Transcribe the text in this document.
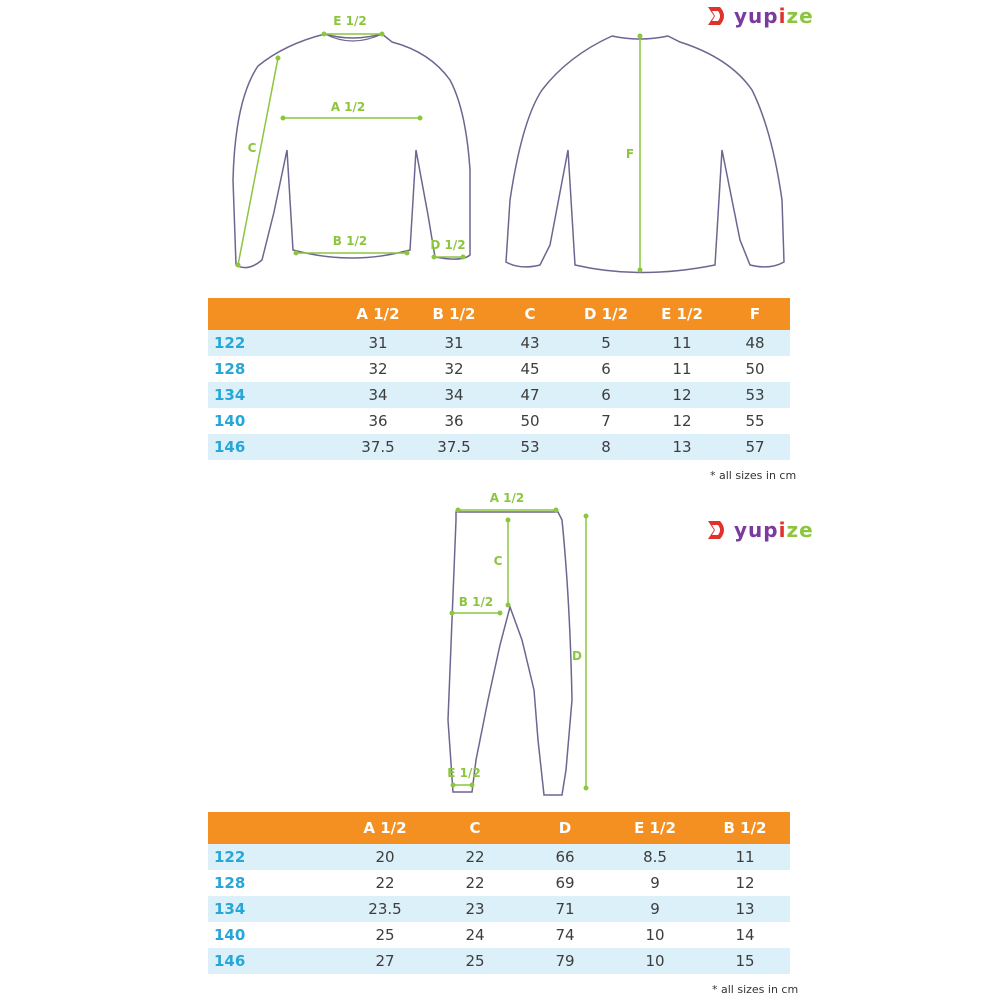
E 1/2
A 1/2
C
B 1/2	D 1/2
F
yupize
	A 1/2	B 1/2	C	D 1/2	E 1/2	F
122	31	31	43	5	11	48
128	32	32	45	6	11	50
134	34	34	47	6	12	53
140	36	36	50	7	12	55
146	37.5	37.5	53	8	13	57
* all sizes in cm
A 1/2
C
B 1/2
D
E 1/2
yupize
	A 1/2	C	D	E 1/2	B 1/2
122	20	22	66	8.5	11
128	22	22	69	9	12
134	23.5	23	71	9	13
140	25	24	74	10	14
146	27	25	79	10	15
* all sizes in cm
